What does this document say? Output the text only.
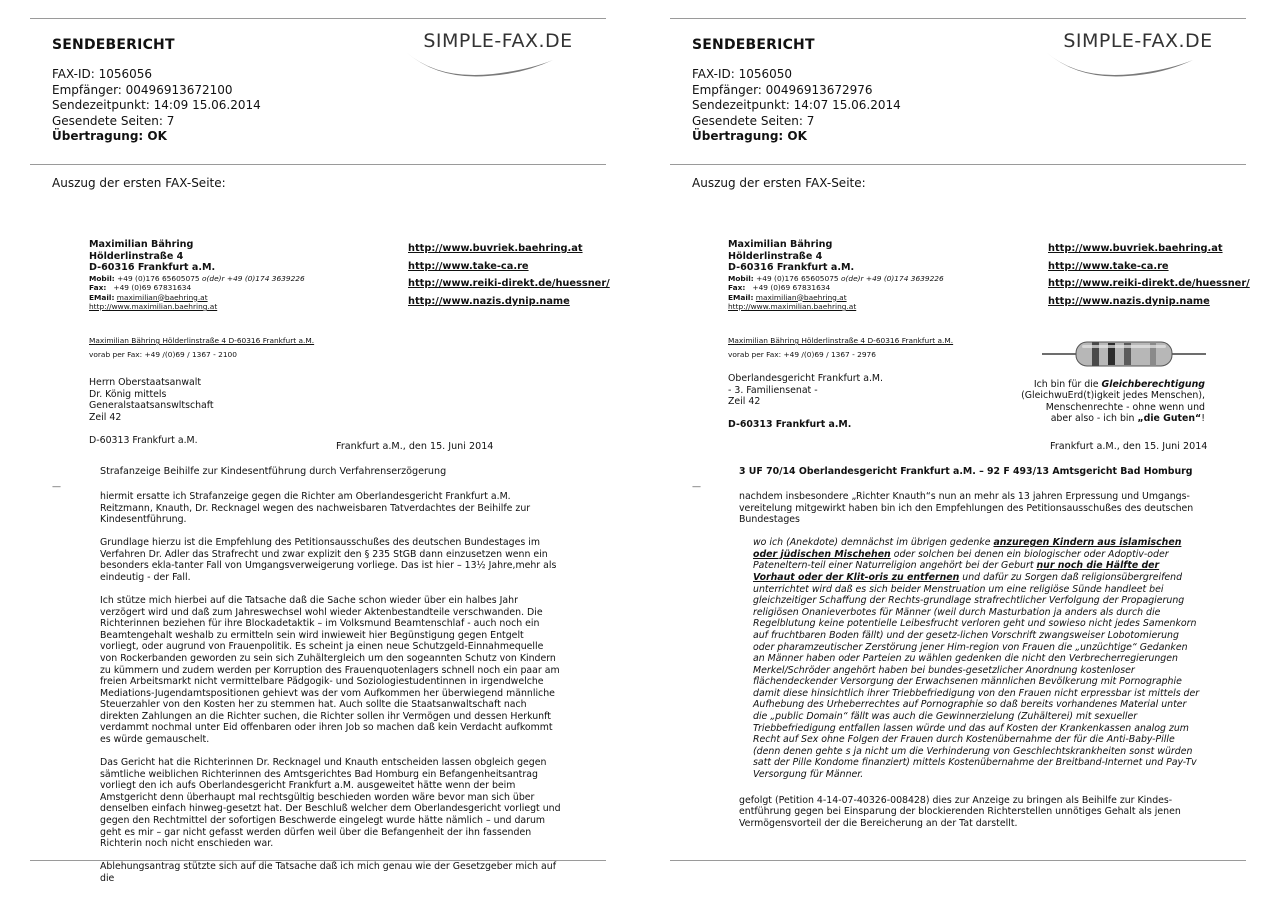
SENDEBERICHT	SIMPLE-FAX.DE
FAX-ID: 1056056
Empfänger: 00496913672100
Sendezeitpunkt: 14:09 15.06.2014
Gesendete Seiten: 7
Übertragung: OK
Auszug der ersten FAX-Seite:
Maximilian Bähring
Hölderlinstraße 4
D-60316 Frankfurt a.M.
Mobil: +49 (0)176 65605075 o(de)r +49 (0)174 3639226
Fax: +49 (0)69 67831634
EMail: maximilian@baehring.at
http://www.maximilian.baehring.at
http://www.buvriek.baehring.at
http://www.take-ca.re
http://www.reiki-direkt.de/huessner/
http://www.nazis.dynip.name
Maximilian Bähring Hölderlinstraße 4 D-60316 Frankfurt a.M.
vorab per Fax: +49 /(0)69 / 1367 - 2100
Herrn Oberstaatsanwalt
Dr. König mittels
Generalstaatsanswltschaft
Zeil 42
D-60313 Frankfurt a.M.
Frankfurt a.M., den 15. Juni 2014
Strafanzeige Beihilfe zur Kindesentführung durch Verfahrenserzögerung
—

hiermit ersatte ich Strafanzeige gegen die Richter am Oberlandesgericht Frankfurt a.M. Reitzmann, Knauth, Dr. Recknagel wegen des nachweisbaren Tatverdachtes der Beihilfe zur Kindesentführung.

Grundlage hierzu ist die Empfehlung des Petitionsausschußes des deutschen Bundestages im Verfahren Dr. Adler das Strafrecht und zwar explizit den § 235 StGB dann einzusetzen wenn ein besonders ekla-tanter Fall von Umgangsverweigerung vorliege. Das ist hier – 13½ Jahre,mehr als eindeutig - der Fall.

Ich stütze mich hierbei auf die Tatsache daß die Sache schon wieder über ein halbes Jahr verzögert wird und daß zum Jahreswechsel wohl wieder Aktenbestandteile verschwanden. Die Richterinnen beziehen für ihre Blockadetaktik – im Volksmund Beamtenschlaf - auch noch ein Beamtengehalt weshalb zu ermitteln sein wird inwieweit hier Begünstigung gegen Entgelt vorliegt, oder augrund von Frauenpolitik. Es scheint ja einen neue Schutzgeld-Einnahmequelle von Rockerbanden geworden zu sein sich Zuhältergleich um den sogeannten Schutz von Kindern zu kümmern und zudem werden per Korruption des Frauenquotenlagers schnell noch ein paar am freien Arbeitsmarkt nicht vermittelbare Pädgogik- und Soziologiestudentinnen in irgendwelche Mediations-Jugendamtspositionen gehievt was der vom Aufkommen her überwiegend männliche Steuerzahler von den Kosten her zu stemmen hat. Auch sollte die Staatsanwaltschaft nach direkten Zahlungen an die Richter suchen, die Richter sollen ihr Vermögen und dessen Herkunft verdammt nochmal unter Eid offenbaren oder ihren Job so machen daß kein Verdacht aufkommt es würde gemauschelt.

Das Gericht hat die Richterinnen Dr. Recknagel und Knauth entscheiden lassen obgleich gegen sämtliche weiblichen Richterinnen des Amtsgerichtes Bad Homburg ein Befangenheitsantrag vorliegt den ich aufs Oberlandesgericht Frankfurt a.M. ausgeweitet hätte wenn der beim Amstgericht denn überhaupt mal rechtsgültig beschieden worden wäre bevor man sich über denselben einfach hinweg-gesetzt hat. Der Beschluß welcher dem Oberlandesgericht vorliegt und gegen den Rechtmittel der sofortigen Beschwerde eingelegt wurde hätte nämlich – und darum geht es mir – gar nicht gefasst werden dürfen weil über die Befangenheit der ihn fassenden Richterin noch nicht enschieden war.

Ablehungsantrag stützte sich auf die Tatsache daß ich mich genau wie der Gesetzgeber mich auf die

SENDEBERICHT	SIMPLE-FAX.DE
FAX-ID: 1056050
Empfänger: 00496913672976
Sendezeitpunkt: 14:07 15.06.2014
Gesendete Seiten: 7
Übertragung: OK
Auszug der ersten FAX-Seite:
Maximilian Bähring
Hölderlinstraße 4
D-60316 Frankfurt a.M.
Mobil: +49 (0)176 65605075 o(de)r +49 (0)174 3639226
Fax: +49 (0)69 67831634
EMail: maximilian@baehring.at
http://www.maximilian.baehring.at
http://www.buvriek.baehring.at
http://www.take-ca.re
http://www.reiki-direkt.de/huessner/
http://www.nazis.dynip.name
Maximilian Bähring Hölderlinstraße 4 D-60316 Frankfurt a.M.
vorab per Fax: +49 /(0)69 / 1367 - 2976
Oberlandesgericht Frankfurt a.M.
- 3. Familiensenat -
Zeil 42
D-60313 Frankfurt a.M.
Ich bin für die Gleichberechtigung
(GleichwuErd(t)igkeit jedes Menschen),
Menschenrechte - ohne wenn und
aber also - ich bin „die Guten“!
Frankfurt a.M., den 15. Juni 2014
3 UF 70/14 Oberlandesgericht Frankfurt a.M. – 92 F 493/13 Amtsgericht Bad Homburg
—

nachdem insbesondere „Richter Knauth“s nun an mehr als 13 jahren Erpressung und Umgangs-vereitelung mitgewirkt haben bin ich den Empfehlungen des Petitionsausschußes des deutschen Bundestages

wo ich (Anekdote) demnächst im übrigen gedenke anzuregen Kindern aus islamischen oder jüdischen Mischehen oder solchen bei denen ein biologischer oder Adoptiv-oder Pateneltern-teil einer Naturreligion angehört bei der Geburt nur noch die Hälfte der Vorhaut oder der Klit-oris zu entfernen und dafür zu Sorgen daß religionsübergreifend unterrichtet wird daß es sich beider Menstruation um eine religiöse Sünde handleet bei gleichzeitiger Schaffung der Rechts-grundlage strafrechtlicher Verfolgung der Propagierung religiösen Onanieverbotes für Männer (weil durch Masturbation ja anders als durch die Regelblutung keine potentielle Leibesfrucht verloren geht und sowieso nicht jedes Samenkorn auf fruchtbaren Boden fällt) und der gesetz-lichen Vorschrift zwangsweiser Lobotomierung oder pharamzeutischer Zerstörung jener Him-region von Frauen die „unzüchtige“ Gedanken an Männer haben oder Parteien zu wählen gedenken die nicht den Verbrecherregierungen Merkel/Schröder angehört haben bei bundes-gesetzlicher Anordnung kostenloser flächendeckender Versorgung der Erwachsenen männlichen Bevölkerung mit Pornographie damit diese hinsichtlich ihrer Triebbefriedigung von den Frauen nicht erpressbar ist mittels der Aufhebung des Urheberrechtes auf Pornographie so daß bereits vorhandenes Material unter die „public Domain“ fällt was auch die Gewinnerzielung (Zuhälterei) mit sexueller Triebbefriedigung entfallen lassen würde und das auf Kosten der Krankenkassen analog zum Recht auf Sex ohne Folgen der Frauen durch Kostenübernahme der für die Anti-Baby-Pille (denn denen gehte s ja nicht um die Verhinderung von Geschlechtskrankheiten sonst würden satt der Pille Kondome finanziert) mittels Kostenübernahme der Breitband-Internet und Pay-Tv Versorgung für Männer.

gefolgt (Petition 4-14-07-40326-008428) dies zur Anzeige zu bringen als Beihilfe zur Kindes-entführung gegen bei Einsparung der blockierenden Richterstellen unnötiges Gehalt als jenen Vermögensvorteil der die Bereicherung an der Tat darstellt.
